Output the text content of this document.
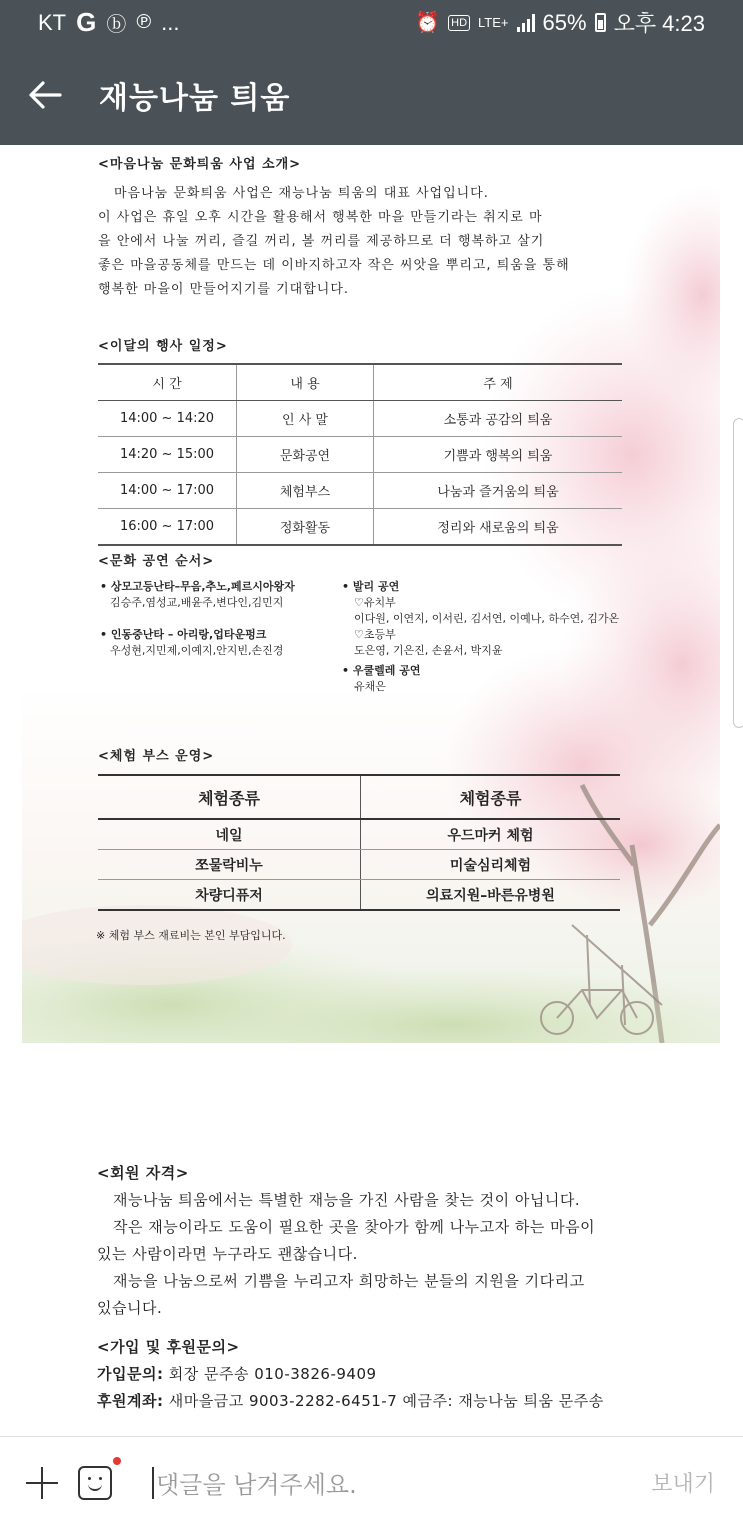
KT G ⓑ ℗ ...	⏰ HD LTE+ 65% 오후 4:23
재능나눔 틔움
<마음나눔 문화틔움 사업 소개>
마음나눔 문화틔움 사업은 재능나눔 틔움의 대표 사업입니다.
이 사업은 휴일 오후 시간을 활용해서 행복한 마을 만들기라는 취지로 마
을 안에서 나눌 꺼리, 즐길 꺼리, 볼 꺼리를 제공하므로 더 행복하고 살기
좋은 마을공동체를 만드는 데 이바지하고자 작은 씨앗을 뿌리고, 틔움을 통해
행복한 마을이 만들어지기를 기대합니다.
<이달의 행사 일정>
시 간	내 용	주 제
14:00 ~ 14:20	인 사 말	소통과 공감의 틔움
14:20 ~ 15:00	문화공연	기쁨과 행복의 틔움
14:00 ~ 17:00	체험부스	나눔과 즐거움의 틔움
16:00 ~ 17:00	정화활동	정리와 새로움의 틔움
<문화 공연 순서>
• 상모고등난타–무음,추노,페르시아왕자
김승주,염성교,배윤주,변다인,김민지
• 인동중난타 – 아리랑,업타운펑크
우성현,지민제,이예지,안지빈,손진경
• 발리 공연
♡유치부
이다원, 이연지, 이서린, 김서연, 이예나, 하수연, 김가온
♡초등부
도은영, 기은진, 손윤서, 박지윤
• 우쿨렐레 공연
유채은
<체험 부스 운영>
체험종류	체험종류
네일	우드마커 체험
쪼물락비누	미술심리체험
차량디퓨저	의료지원–바른유병원
※ 체험 부스 재료비는 본인 부담입니다.
<회원 자격>
재능나눔 틔움에서는 특별한 재능을 가진 사람을 찾는 것이 아닙니다.
작은 재능이라도 도움이 필요한 곳을 찾아가 함께 나누고자 하는 마음이
있는 사람이라면 누구라도 괜찮습니다.
재능을 나눔으로써 기쁨을 누리고자 희망하는 분들의 지원을 기다리고
있습니다.
<가입 및 후원문의>
가입문의: 회장 문주송 010-3826-9409
후원계좌: 새마을금고 9003-2282-6451-7 예금주: 재능나눔 틔움 문주송
댓글을 남겨주세요.	보내기
